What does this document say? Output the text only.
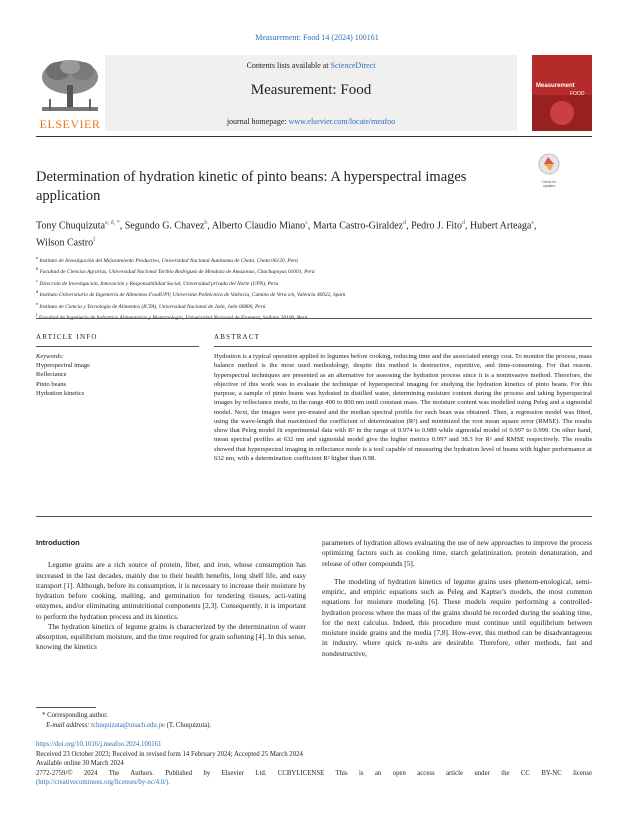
Measurement: Food 14 (2024) 100161
ELSEVIER
Contents lists available at ScienceDirect
Measurement: Food
journal homepage: www.elsevier.com/locate/meafoo
Measurement
FOOD
Determination of hydration kinetic of pinto beans: A hyperspectral images application
Check for updates
Tony Chuquizuta$^{a, d, *}$, Segundo G. Chavez$^b$, Alberto Claudio Miano$^c$, Marta Castro-Giraldez$^d$, Pedro J. Fito$^d$, Hubert Arteaga$^e$, Wilson Castro$^f$
$^a$ Instituto de Investigación del Mejoramiento Productivo, Universidad Nacional Autónoma de Chota, Chota 06120, Perú
$^b$ Facultad de Ciencias Agrarias, Universidad Nacional Toribio Rodríguez de Mendoza de Amazonas, Chachapoyas 01001, Perú
$^c$ Dirección de Investigación, Innovación y Responsabilidad Social, Universidad privada del Norte (UPN), Peru
$^d$ Instituto Universitario de Ingeniería de Alimentos FoodUPV, Universitat Politècnica de València, Camino de Vera s/n, Valencia 46022, Spain
$^e$ Instituto de Ciencia y Tecnología de Alimentos (ICTA), Universidad Nacional de Jaén, Jaén 06800, Perú
$^f$ Facultad de Ingeniería de Industrias Alimentarias y Biotecnología, Universidad Nacional de Frontera, Sullana 20100, Perú
ARTICLE INFO	ABSTRACT
Keywords:
Hyperspectral image
Reflectance
Pinto beans
Hydration kinetics
Hydration is a typical operation applied to legumes before cooking, reducing time and the associated energy cost. To monitor the process, mass balance method is the most used methodology, despite this method is destructive, repetitive, and time-consuming. For that reason. hyperspectral techniques are presented as an alternative for assessing the hydration process since it is a noninvasive method. Therefore, the objective of this work was to evaluate the technique of hyperspectral imaging for studying the hydration kinetics of pinto beans. For this purpose, a sample of pinto beans was hydrated in distilled water, determining moisture content during the process and taking hyperspectral images by reflectance mode, in the range 400 to 800 nm until constant mass. The moisture content was modelled using Peleg and a sigmoidal model. Next, the images were pre-treated and the median spectral profile for each bean was obtained. Then, a regression model was fitted, using the wave-length that maximized the coefficient of determination (R²) and minimized the root mean square error (RMSE). The results show that Peleg model fit experimental data with R² in the range of 0.974 to 0.989 while sigmoidal model of 0.997 to 0.999. On other hand, mean spectral profiles at 632 nm and sigmoidal model give the higher metrics 0.997 and 38.3 for R² and RMSE respectively. The results showed that hyperspectral imaging in reflectance mode is a tool capable of measuring the hydration level of beans with higher performance at 632 nm, with a determination coefficient R² higher than 0.98.
Introduction

Legume grains are a rich source of protein, fiber, and iron, whose consumption has increased in the last decades, mainly due to their health benefits, long shelf life, and easy transport [1]. Although, before its consumption, it is necessary to increase their moisture by hydration before cooking, malting, and germination for tendering tissues, acti-vating enzymes, and/or eliminating antinutritional components [2,3]. Consequently, it is important to perform the hydration process and its kinetics.

The hydration kinetics of legume grains is characterized by the determination of water absorption, equilibrium moisture, and the time required for grain softening [4]. In this sense, knowing the kinetics

parameters of hydration allows evaluating the use of new approaches to improve the process optimizing factors such as cooking time, starch gelatinization, protein denaturation, and release of other compounds [5].

The modeling of hydration kinetics of legume grains uses phenom-enological, semi-empiric, and empiric equations such as Peleg and Kaptso’s models, the most common equations for moisture modeling [6]. These models require performing a controlled-hydration process where the mass of the grains should be recorded during the soaking time, for the next calculus. Indeed, this procedure must continue until equilibrium between moisture inside grains and the media [7,8]. How-ever, this method can be disadvantageous in industry, where quick re-sults are desirable. Therefore, other methods, fast and nondestructive,

* Corresponding author.
E-mail address: tchuquizuta@unach.edu.pe (T. Chuquizuta).
https://doi.org/10.1016/j.meafoo.2024.100161
Received 23 October 2023; Received in revised form 14 February 2024; Accepted 25 March 2024
Available online 30 March 2024
2772-2759/© 2024 The Authors. Published by Elsevier Ltd. CCBYLICENSE This is an open access article under the CC BY-NC license
(http://creativecommons.org/licenses/by-nc/4.0/).
